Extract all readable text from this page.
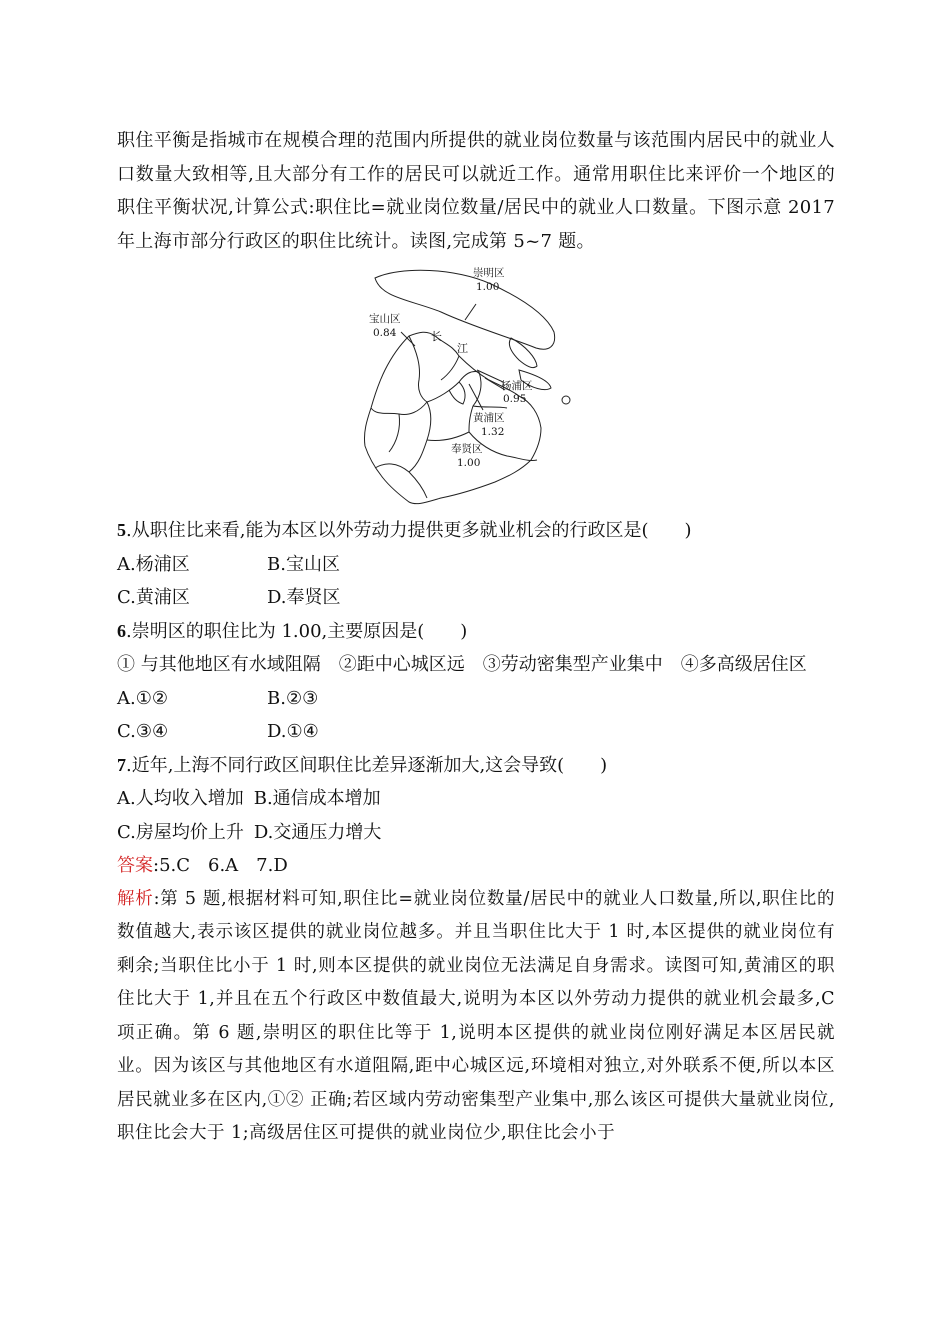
职住平衡是指城市在规模合理的范围内所提供的就业岗位数量与该范围内居民中的就业人口数量大致相等,且大部分有工作的居民可以就近工作。通常用职住比来评价一个地区的职住平衡状况,计算公式:职住比=就业岗位数量/居民中的就业人口数量。下图示意 2017 年上海市部分行政区的职住比统计。读图,完成第 5~7 题。

崇明区
1.00
宝山区
0.84	长
江
杨浦区
0.95
黄浦区
1.32
奉贤区
1.00

5.从职住比来看,能为本区以外劳动力提供更多就业机会的行政区是(　　)

A.杨浦区	B.宝山区
C.黄浦区	D.奉贤区

6.崇明区的职住比为 1.00,主要原因是(　　)

① 与其他地区有水域阻隔　②距中心城区远　③劳动密集型产业集中　④多高级居住区

A.①②	B.②③
C.③④	D.①④

7.近年,上海不同行政区间职住比差异逐渐加大,这会导致(　　)

A.人均收入增加 B.通信成本增加
C.房屋均价上升 D.交通压力增大

答案:5.C　6.A　7.D

解析:第 5 题,根据材料可知,职住比=就业岗位数量/居民中的就业人口数量,所以,职住比的数值越大,表示该区提供的就业岗位越多。并且当职住比大于 1 时,本区提供的就业岗位有剩余;当职住比小于 1 时,则本区提供的就业岗位无法满足自身需求。读图可知,黄浦区的职住比大于 1,并且在五个行政区中数值最大,说明为本区以外劳动力提供的就业机会最多,C 项正确。第 6 题,崇明区的职住比等于 1,说明本区提供的就业岗位刚好满足本区居民就业。因为该区与其他地区有水道阻隔,距中心城区远,环境相对独立,对外联系不便,所以本区居民就业多在区内,①② 正确;若区域内劳动密集型产业集中,那么该区可提供大量就业岗位,职住比会大于 1;高级居住区可提供的就业岗位少,职住比会小于
